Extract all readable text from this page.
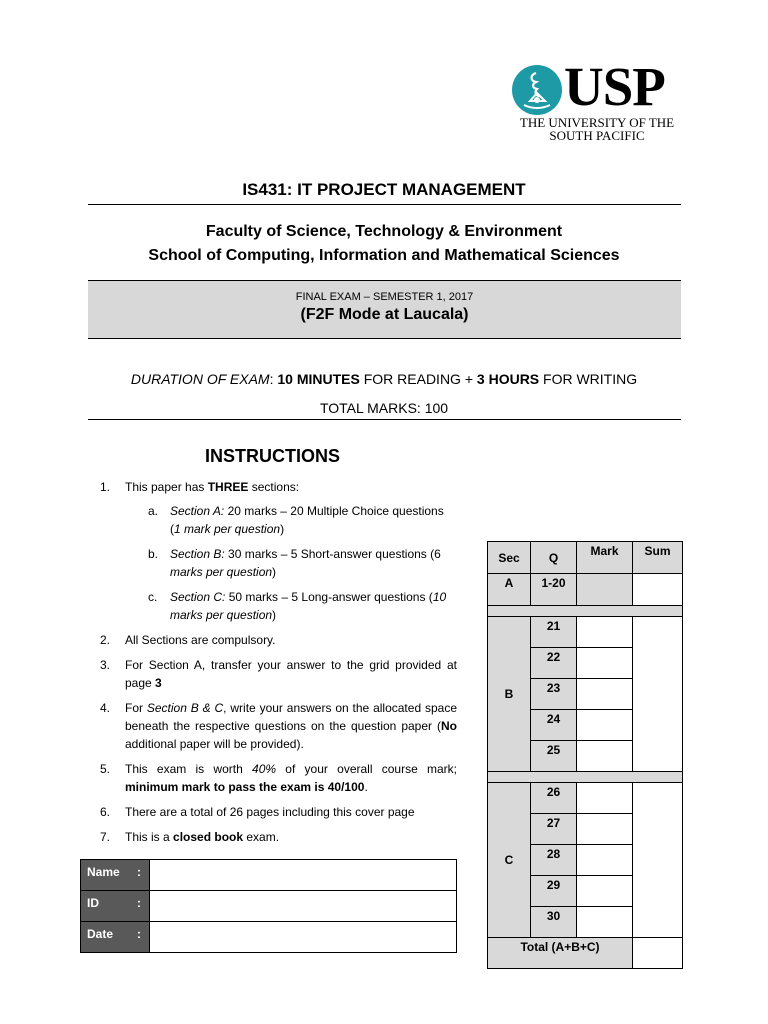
USP
THE UNIVERSITY OF THE
SOUTH PACIFIC
IS431: IT PROJECT MANAGEMENT
Faculty of Science, Technology & Environment
School of Computing, Information and Mathematical Sciences
FINAL EXAM – SEMESTER 1, 2017
(F2F Mode at Laucala)
DURATION OF EXAM: 10 MINUTES FOR READING + 3 HOURS FOR WRITING
TOTAL MARKS: 100
INSTRUCTIONS
1. This paper has THREE sections:
a. Section A: 20 marks – 20 Multiple Choice questions (1 mark per question)
b. Section B: 30 marks – 5 Short-answer questions (6 marks per question)
c. Section C: 50 marks – 5 Long-answer questions (10 marks per question)
2. All Sections are compulsory.
3. For Section A, transfer your answer to the grid provided at page 3
4. For Section B & C, write your answers on the allocated space beneath the respective questions on the question paper (No additional paper will be provided).
5. This exam is worth 40% of your overall course mark; minimum mark to pass the exam is 40/100.
6. There are a total of 26 pages including this cover page
7. This is a closed book exam.
Name :	

ID :	

Date :	

Sec	Q	Mark	Sum
A	1-20		

B	21		
	22		
	23		
	24		
	25		

C	26		
	27		
	28		
	29		
	30		
Total (A+B+C)			
